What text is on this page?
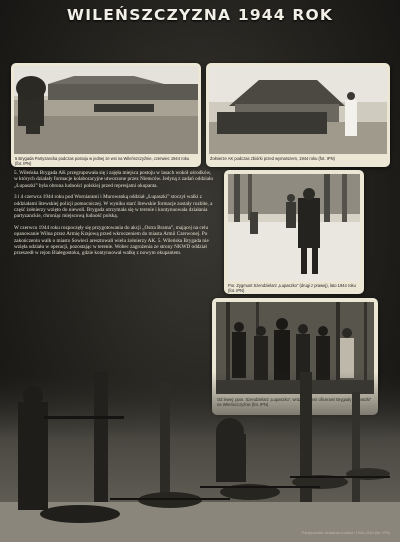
WILEŃSZCZYZNA 1944 ROK
5 Brygada Partyzancka podczas postoju w jednej ze wsi na Wileńszczyźnie, czerwiec 1944 roku (fot. IPN)
Żołnierze AK podczas zbiórki przed wymarszem, 1944 roku (fot. IPN)
Por. Zygmunt Szendzielarz „Łupaszko” (drugi z prawej), lato 1944 roku (fot. IPN)

5. Wileńska Brygada AK przegrupowała się i zajęła miejsca postoju w lasach wokół ośrodków, w których działały formacje kolaboracyjne utworzone przez Niemców. Jedyną z zadań oddziału „Łupaszki” była obrona ludności polskiej przed represjami okupanta.

3 i 4 czerwca 1944 roku pod Worniarami i Murowanką oddział „Łupaszki” stoczył walki z oddziałami litewskiej policji pomocniczej. W wyniku starć litewskie formacje zostały rozbite, a część żołnierzy wzięto do niewoli. Brygada utrzymała się w terenie i kontynuowała działania partyzanckie, chroniąc miejscową ludność polską.

W czerwcu 1944 roku rozpoczęły się przygotowania do akcji „Ostra Brama”, mającej na celu opanowanie Wilna przez Armię Krajową przed wkroczeniem do miasta Armii Czerwonej. Po zakończeniu walk o miasto Sowieci aresztowali wielu żołnierzy AK. 5. Wileńska Brygada nie wzięła udziału w operacji, pozostając w terenie. Wobec zagrożenia ze strony NKWD oddział przeszedł w rejon Białegostoku, gdzie kontynuował walkę z nowym okupantem.

Partyzanckie działania w latach 1944-1944 (fot. IPN)
